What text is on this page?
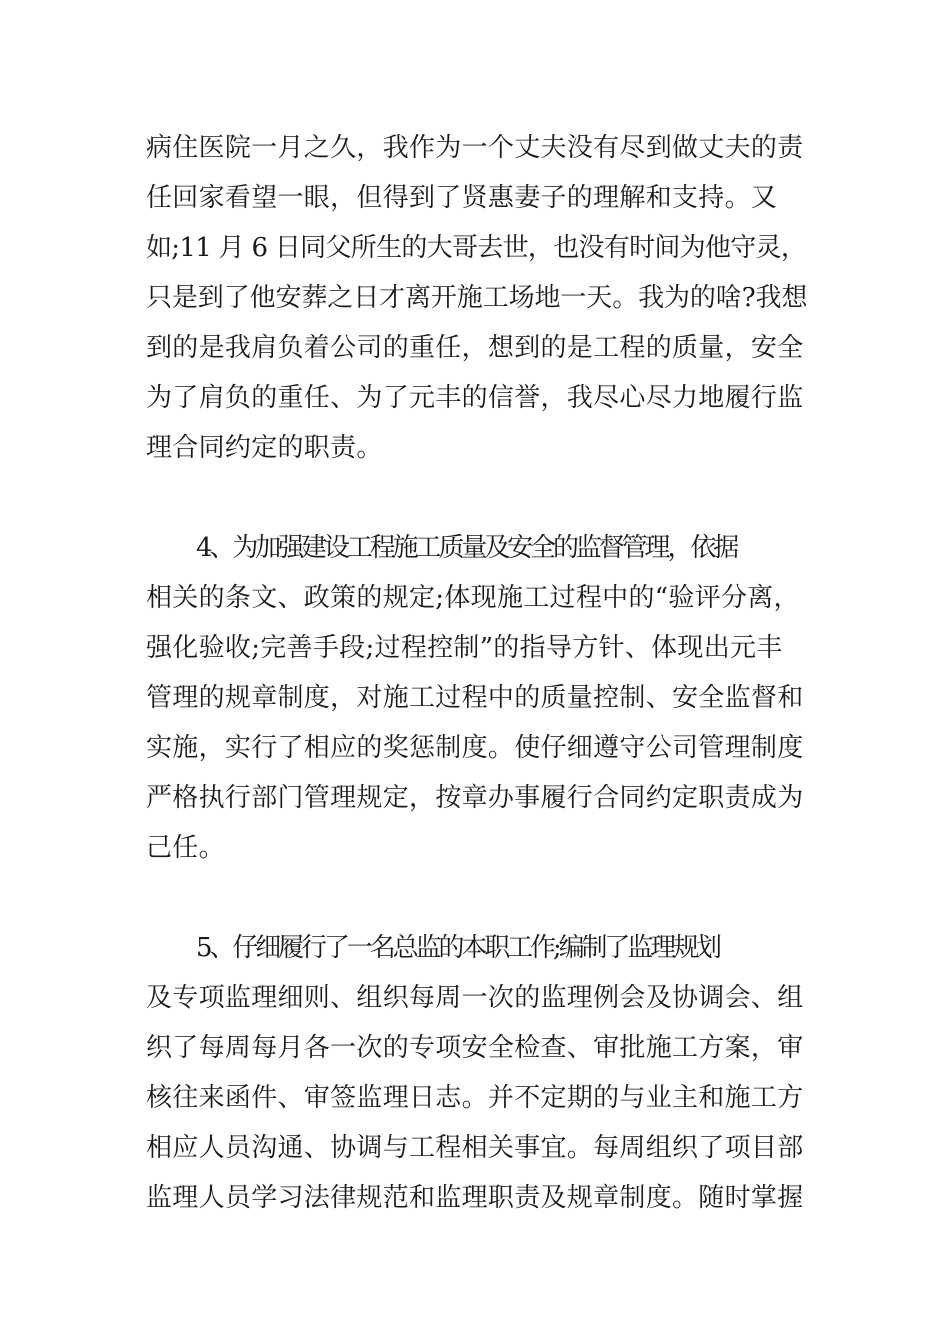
病住医院一月之久，我作为一个丈夫没有尽到做丈夫的责
任回家看望一眼，但得到了贤惠妻子的理解和支持。又
如;11 月 6 日同父所生的大哥去世，也没有时间为他守灵，
只是到了他安葬之日才离开施工场地一天。我为的啥?我想
到的是我肩负着公司的重任，想到的是工程的质量，安全
为了肩负的重任、为了元丰的信誉，我尽心尽力地履行监
理合同约定的职责。
4、为加强建设工程施工质量及安全的监督管理，依据
相关的条文、政策的规定;体现施工过程中的“验评分离，
强化验收;完善手段;过程控制”的指导方针、体现出元丰
管理的规章制度，对施工过程中的质量控制、安全监督和
实施，实行了相应的奖惩制度。使仔细遵守公司管理制度
严格执行部门管理规定，按章办事履行合同约定职责成为
己任。
5、仔细履行了一名总监的本职工作;编制了监理规划
及专项监理细则、组织每周一次的监理例会及协调会、组
织了每周每月各一次的专项安全检查、审批施工方案，审
核往来函件、审签监理日志。并不定期的与业主和施工方
相应人员沟通、协调与工程相关事宜。每周组织了项目部
监理人员学习法律规范和监理职责及规章制度。随时掌握
